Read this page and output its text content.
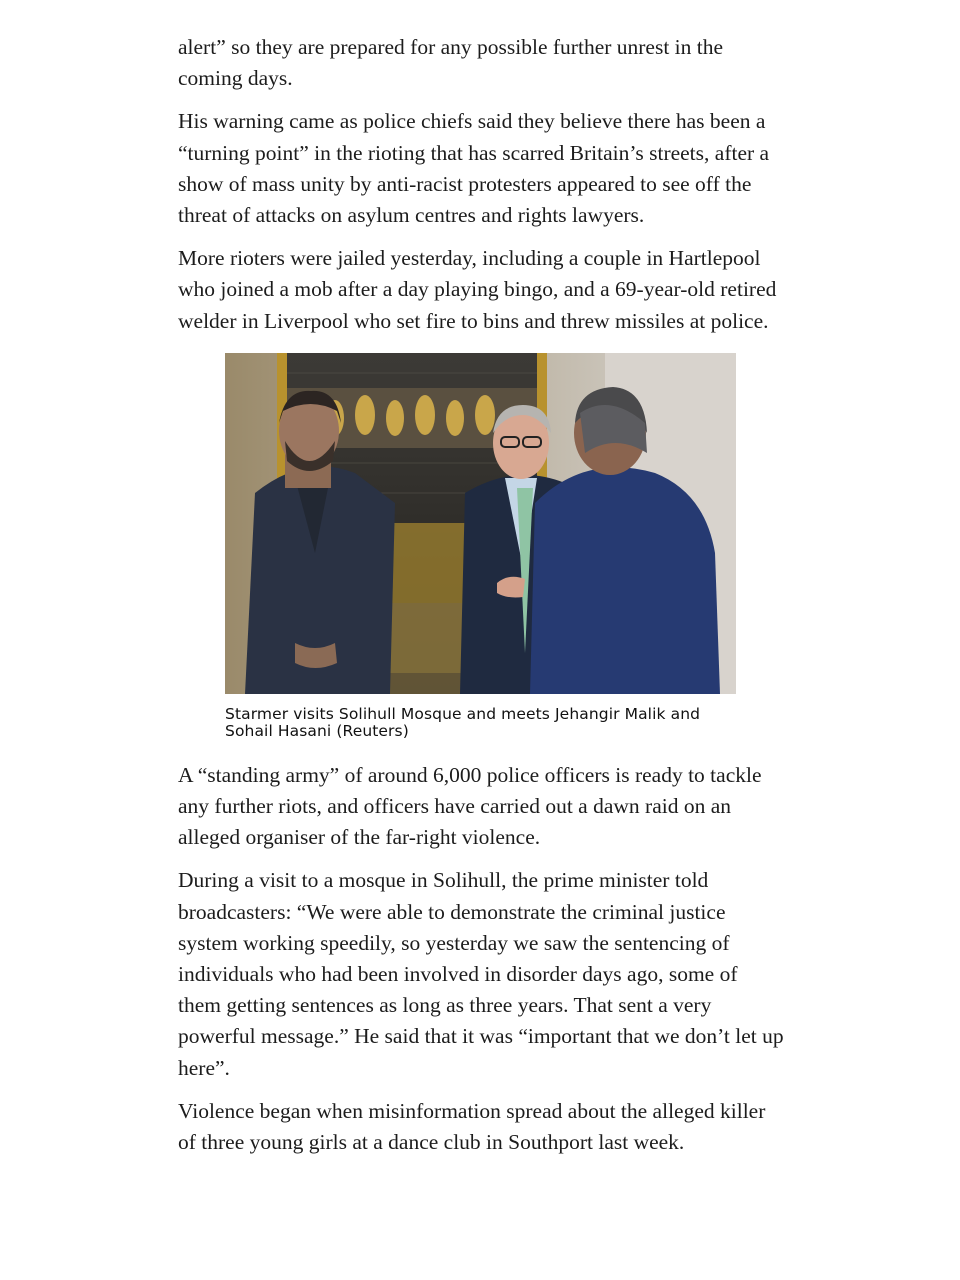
alert” so they are prepared for any possible further unrest in the coming days.

His warning came as police chiefs said they believe there has been a “turning point” in the rioting that has scarred Britain’s streets, after a show of mass unity by anti-racist protesters appeared to see off the threat of attacks on asylum centres and rights lawyers.

More rioters were jailed yesterday, including a couple in Hartlepool who joined a mob after a day playing bingo, and a 69-year-old retired welder in Liverpool who set fire to bins and threw missiles at police.

Starmer visits Solihull Mosque and meets Jehangir Malik and Sohail Hasani (Reuters)

A “standing army” of around 6,000 police officers is ready to tackle any further riots, and officers have carried out a dawn raid on an alleged organiser of the far-right violence.

During a visit to a mosque in Solihull, the prime minister told broadcasters: “We were able to demonstrate the criminal justice system working speedily, so yesterday we saw the sentencing of individuals who had been involved in disorder days ago, some of them getting sentences as long as three years. That sent a very powerful message.” He said that it was “important that we don’t let up here”.

Violence began when misinformation spread about the alleged killer of three young girls at a dance club in Southport last week.
